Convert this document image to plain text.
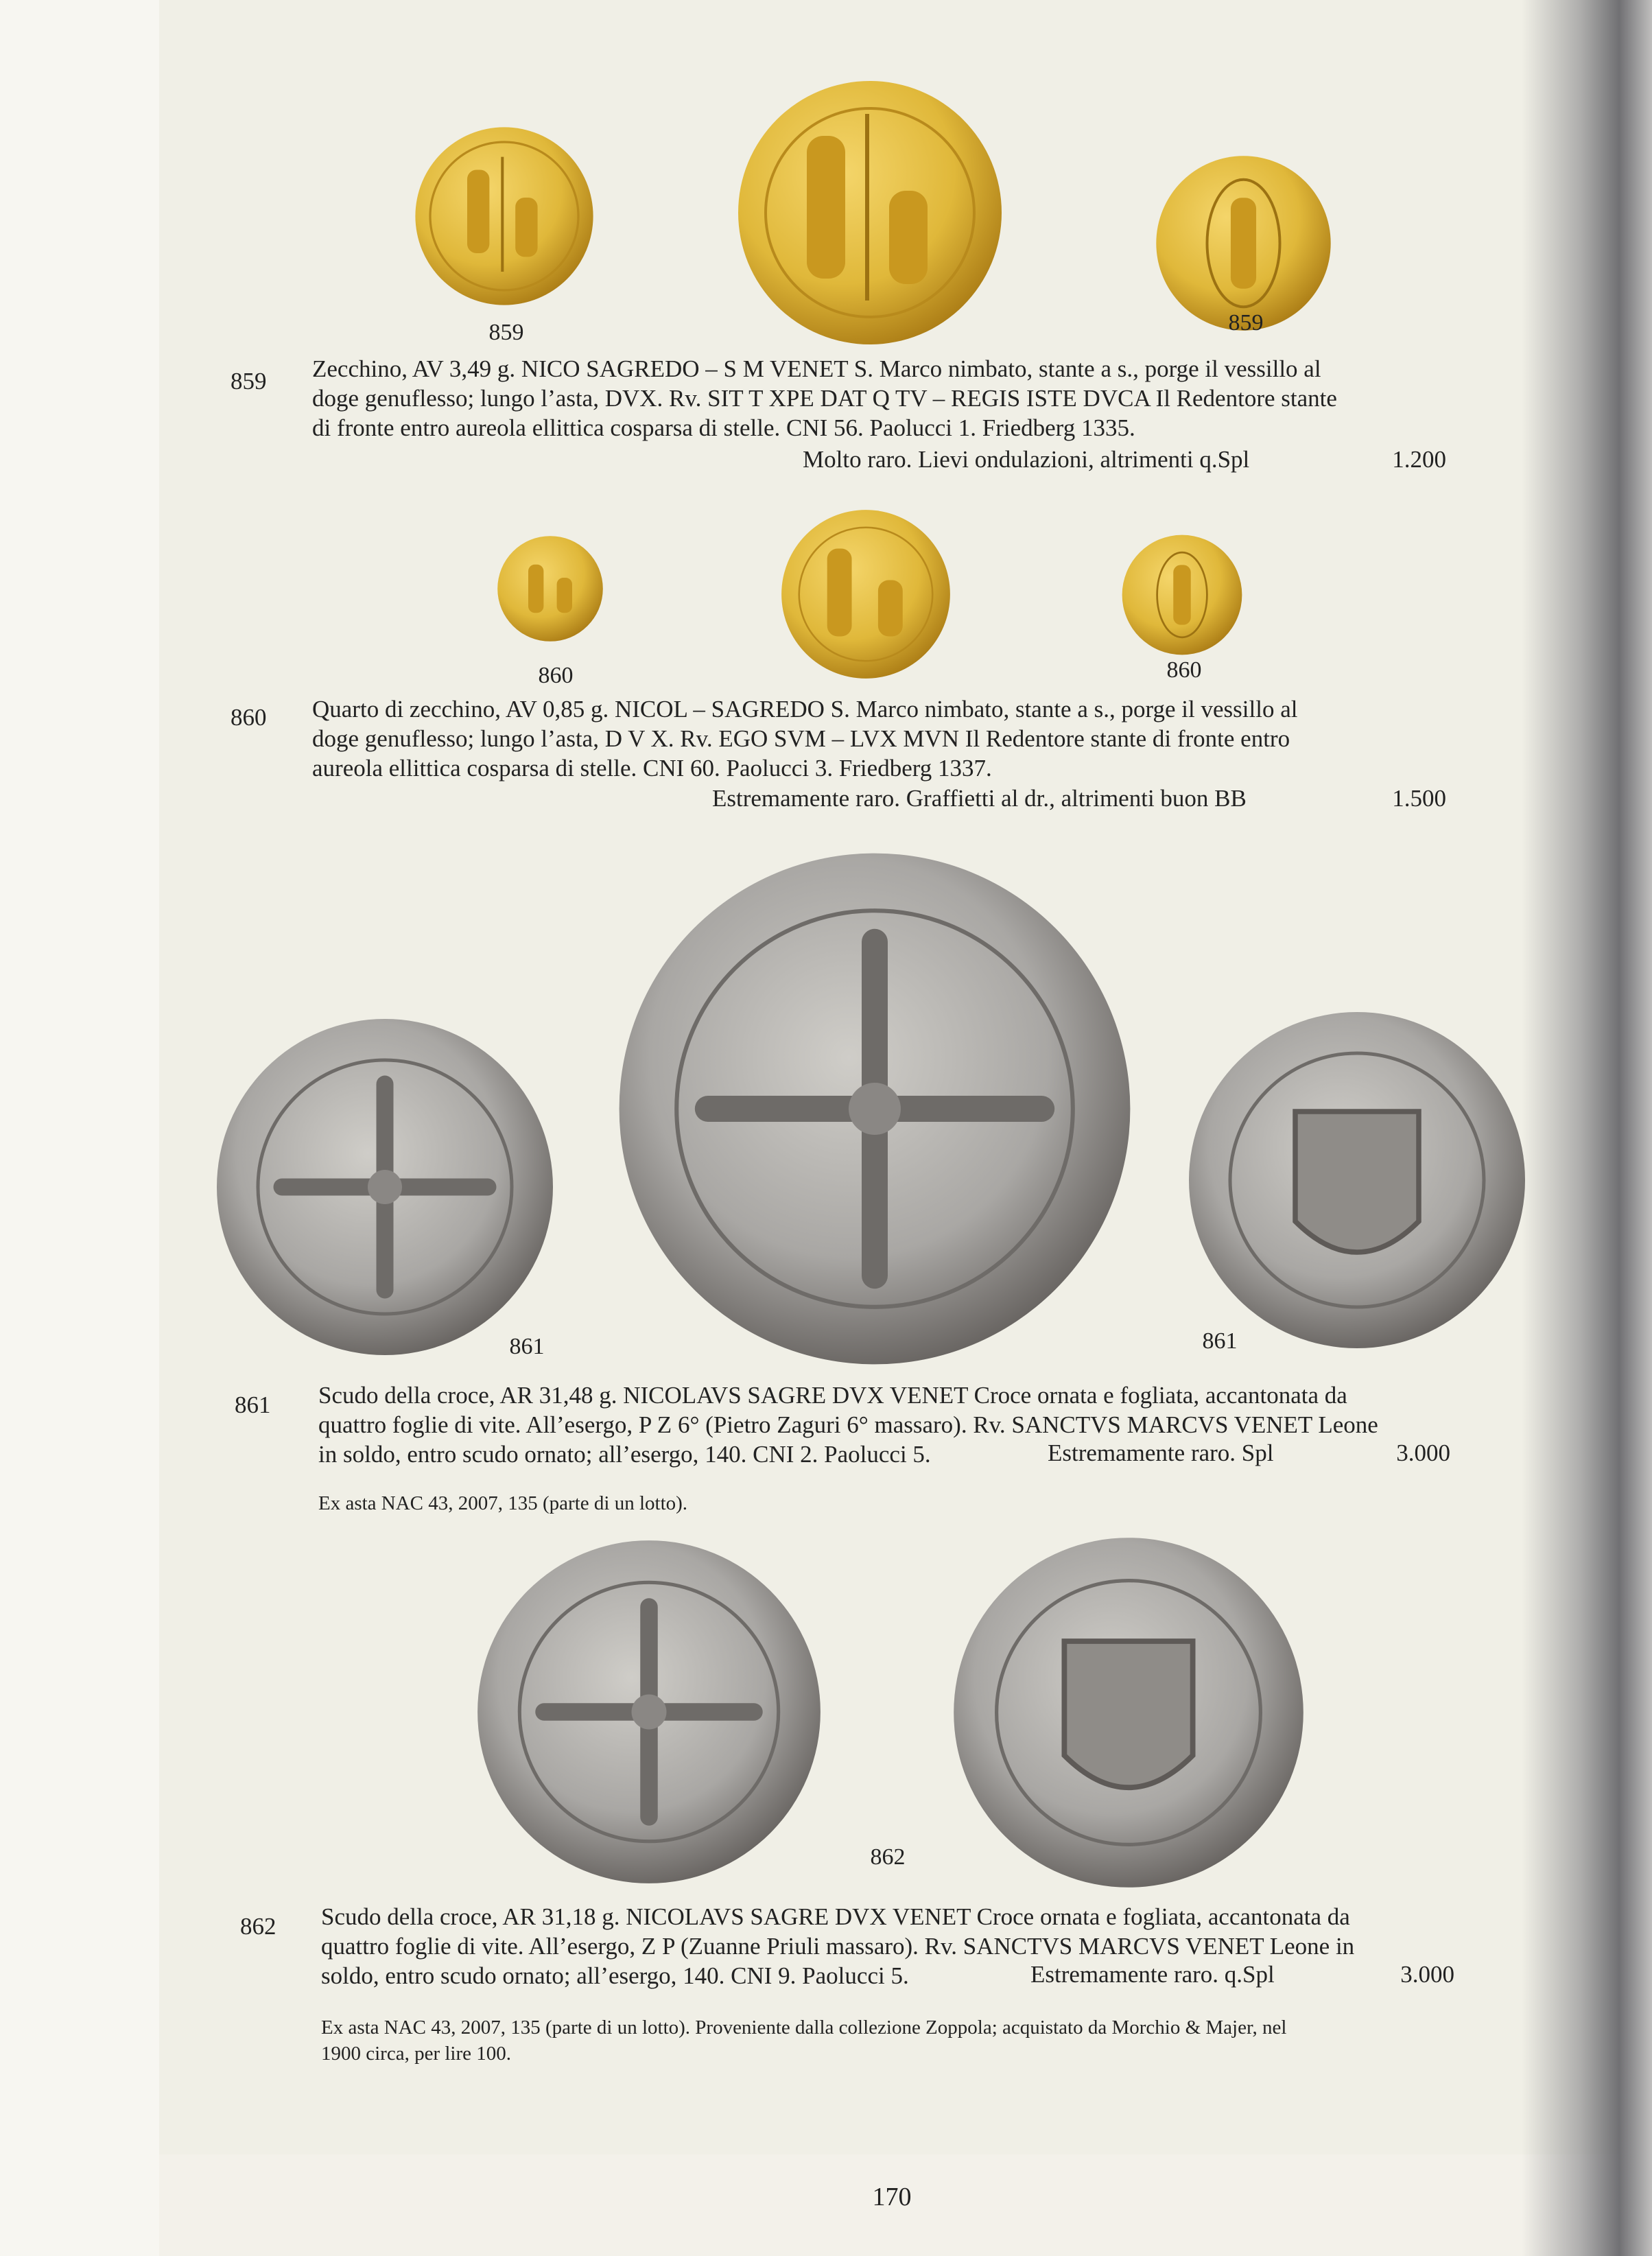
859	859
859 Zecchino, AV 3,49 g. NICO SAGREDO – S M VENET S. Marco nimbato, stante a s., porge il vessillo al

doge genuflesso; lungo l’asta, DVX. Rv. SIT T XPE DAT Q TV – REGIS ISTE DVCA Il Redentore stante

di fronte entro aureola ellittica cosparsa di stelle. CNI 56. Paolucci 1. Friedberg 1335.

Molto raro. Lievi ondulazioni, altrimenti q.Spl	1.200
860	860
860 Quarto di zecchino, AV 0,85 g. NICOL – SAGREDO S. Marco nimbato, stante a s., porge il vessillo al

doge genuflesso; lungo l’asta, D V X. Rv. EGO SVM – LVX MVN Il Redentore stante di fronte entro

aureola ellittica cosparsa di stelle. CNI 60. Paolucci 3. Friedberg 1337.

Estremamente raro. Graffietti al dr., altrimenti buon BB	1.500
861	861
861 Scudo della croce, AR 31,48 g. NICOLAVS SAGRE DVX VENET Croce ornata e fogliata, accantonata da

quattro foglie di vite. All’esergo, P Z 6° (Pietro Zaguri 6° massaro). Rv. SANCTVS MARCVS VENET Leone

in soldo, entro scudo ornato; all’esergo, 140. CNI 2. Paolucci 5.	Estremamente raro. Spl	3.000
Ex asta NAC 43, 2007, 135 (parte di un lotto).
862
862 Scudo della croce, AR 31,18 g. NICOLAVS SAGRE DVX VENET Croce ornata e fogliata, accantonata da

quattro foglie di vite. All’esergo, Z P (Zuanne Priuli massaro). Rv. SANCTVS MARCVS VENET Leone in

soldo, entro scudo ornato; all’esergo, 140. CNI 9. Paolucci 5.	Estremamente raro. q.Spl	3.000
Ex asta NAC 43, 2007, 135 (parte di un lotto). Proveniente dalla collezione Zoppola; acquistato da Morchio & Majer, nel
1900 circa, per lire 100.
170
